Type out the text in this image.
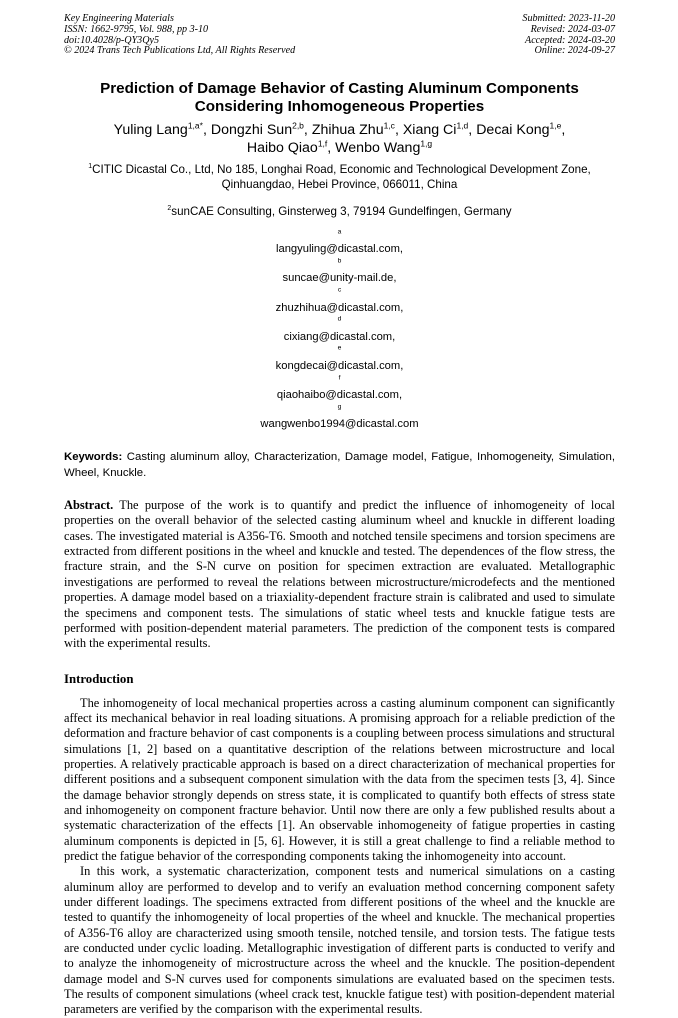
Key Engineering Materials
ISSN: 1662-9795, Vol. 988, pp 3-10
doi:10.4028/p-QY3Qy5
© 2024 Trans Tech Publications Ltd, All Rights Reserved
Submitted: 2023-11-20
Revised: 2024-03-07
Accepted: 2024-03-20
Online: 2024-09-27
Prediction of Damage Behavior of Casting Aluminum Components
Considering Inhomogeneous Properties
Yuling Lang$^{1,a*}$, Dongzhi Sun$^{2,b}$, Zhihua Zhu$^{1,c}$, Xiang Ci$^{1,d}$, Decai Kong$^{1,e}$,
Haibo Qiao$^{1,f}$, Wenbo Wang$^{1,g}$
$^1$CITIC Dicastal Co., Ltd, No 185, Longhai Road, Economic and Technological Development Zone, Qinhuangdao, Hebei Province, 066011, China
$^2$sunCAE Consulting, Ginsterweg 3, 79194 Gundelfingen, Germany
$^a$
langyuling@dicastal.com,
$^b$
suncae@unity-mail.de,
$^c$
zhuzhihua@dicastal.com,
$^d$
cixiang@dicastal.com,
$^e$
kongdecai@dicastal.com,
$^f$
qiaohaibo@dicastal.com,
$^g$
wangwenbo1994@dicastal.com
Keywords: Casting aluminum alloy, Characterization, Damage model, Fatigue, Inhomogeneity, Simulation, Wheel, Knuckle.
Abstract. The purpose of the work is to quantify and predict the influence of inhomogeneity of local properties on the overall behavior of the selected casting aluminum wheel and knuckle in different loading cases. The investigated material is A356-T6. Smooth and notched tensile specimens and torsion specimens are extracted from different positions in the wheel and knuckle and tested. The dependences of the flow stress, the fracture strain, and the S-N curve on position for specimen extraction are evaluated. Metallographic investigations are performed to reveal the relations between microstructure/microdefects and the mentioned properties. A damage model based on a triaxiality-dependent fracture strain is calibrated and used to simulate the specimens and component tests. The simulations of static wheel tests and knuckle fatigue tests are performed with position-dependent material parameters. The prediction of the component tests is compared with the experimental results.
Introduction

The inhomogeneity of local mechanical properties across a casting aluminum component can significantly affect its mechanical behavior in real loading situations. A promising approach for a reliable prediction of the deformation and fracture behavior of cast components is a coupling between process simulations and structural simulations [1, 2] based on a quantitative description of the relations between microstructure and local properties. A relatively practicable approach is based on a direct characterization of mechanical properties for different positions and a subsequent component simulation with the data from the specimen tests [3, 4]. Since the damage behavior strongly depends on stress state, it is complicated to quantify both effects of stress state and inhomogeneity on component fracture behavior. Until now there are only a few published results about a systematic characterization of the effects [1]. An observable inhomogeneity of fatigue properties in casting aluminum components is depicted in [5, 6]. However, it is still a great challenge to find a reliable method to predict the fatigue behavior of the corresponding components taking the inhomogeneity into account.

In this work, a systematic characterization, component tests and numerical simulations on a casting aluminum alloy are performed to develop and to verify an evaluation method concerning component safety under different loadings. The specimens extracted from different positions of the wheel and the knuckle are tested to quantify the inhomogeneity of local properties of the wheel and knuckle. The mechanical properties of A356-T6 alloy are characterized using smooth tensile, notched tensile, and torsion tests. The fatigue tests are conducted under cyclic loading. Metallographic investigation of different parts is conducted to verify and to analyze the inhomogeneity of microstructure across the wheel and the knuckle. The position-dependent damage model and S-N curves used for components simulations are evaluated based on the specimen tests. The results of component simulations (wheel crack test, knuckle fatigue test) with position-dependent material parameters are verified by the comparison with the experimental results.
